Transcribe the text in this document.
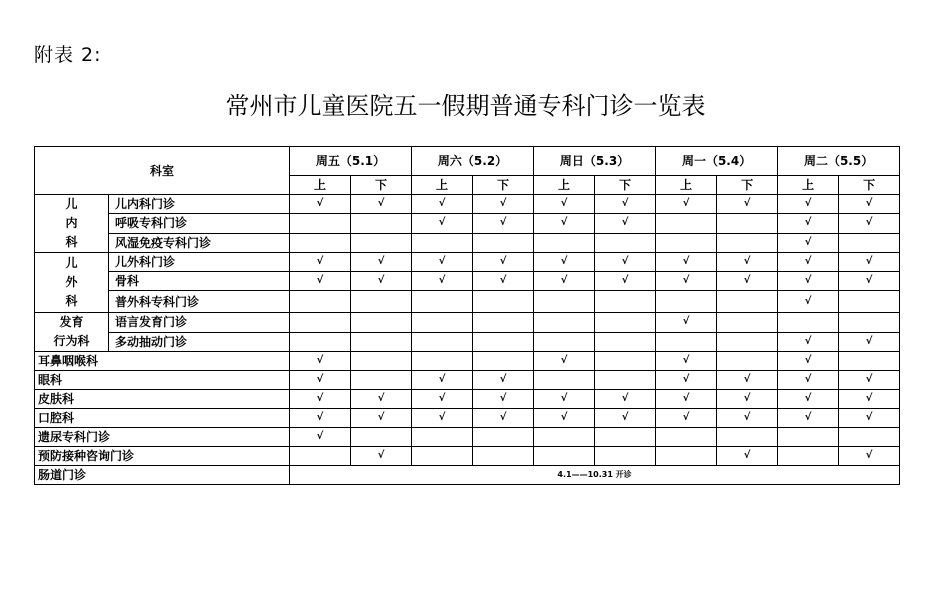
附表 2:
常州市儿童医院五一假期普通专科门诊一览表
科室		周五（5.1）		周六（5.2）		周日（5.3）		周一（5.4）		周二（5.5）	
		上	下	上	下	上	下	上	下	上	下

儿
内
科	儿内科门诊	√	√	√	√	√	√	√	√	√	√
	呼吸专科门诊			√	√	√	√			√	√
	风湿免疫专科门诊									√	

儿
外
科	儿外科门诊	√	√	√	√	√	√	√	√	√	√
	骨科	√	√	√	√	√	√	√	√	√	√
	普外科专科门诊									√	

发育
行为科	语言发育门诊							√			
	多动抽动门诊									√	√
耳鼻咽喉科		√				√		√		√	
眼科		√		√	√			√	√	√	√
皮肤科		√	√	√	√	√	√	√	√	√	√
口腔科		√	√	√	√	√	√	√	√	√	√
遗尿专科门诊		√									
预防接种咨询门诊			√						√		√
肠道门诊		4.1——10.31 开诊									
